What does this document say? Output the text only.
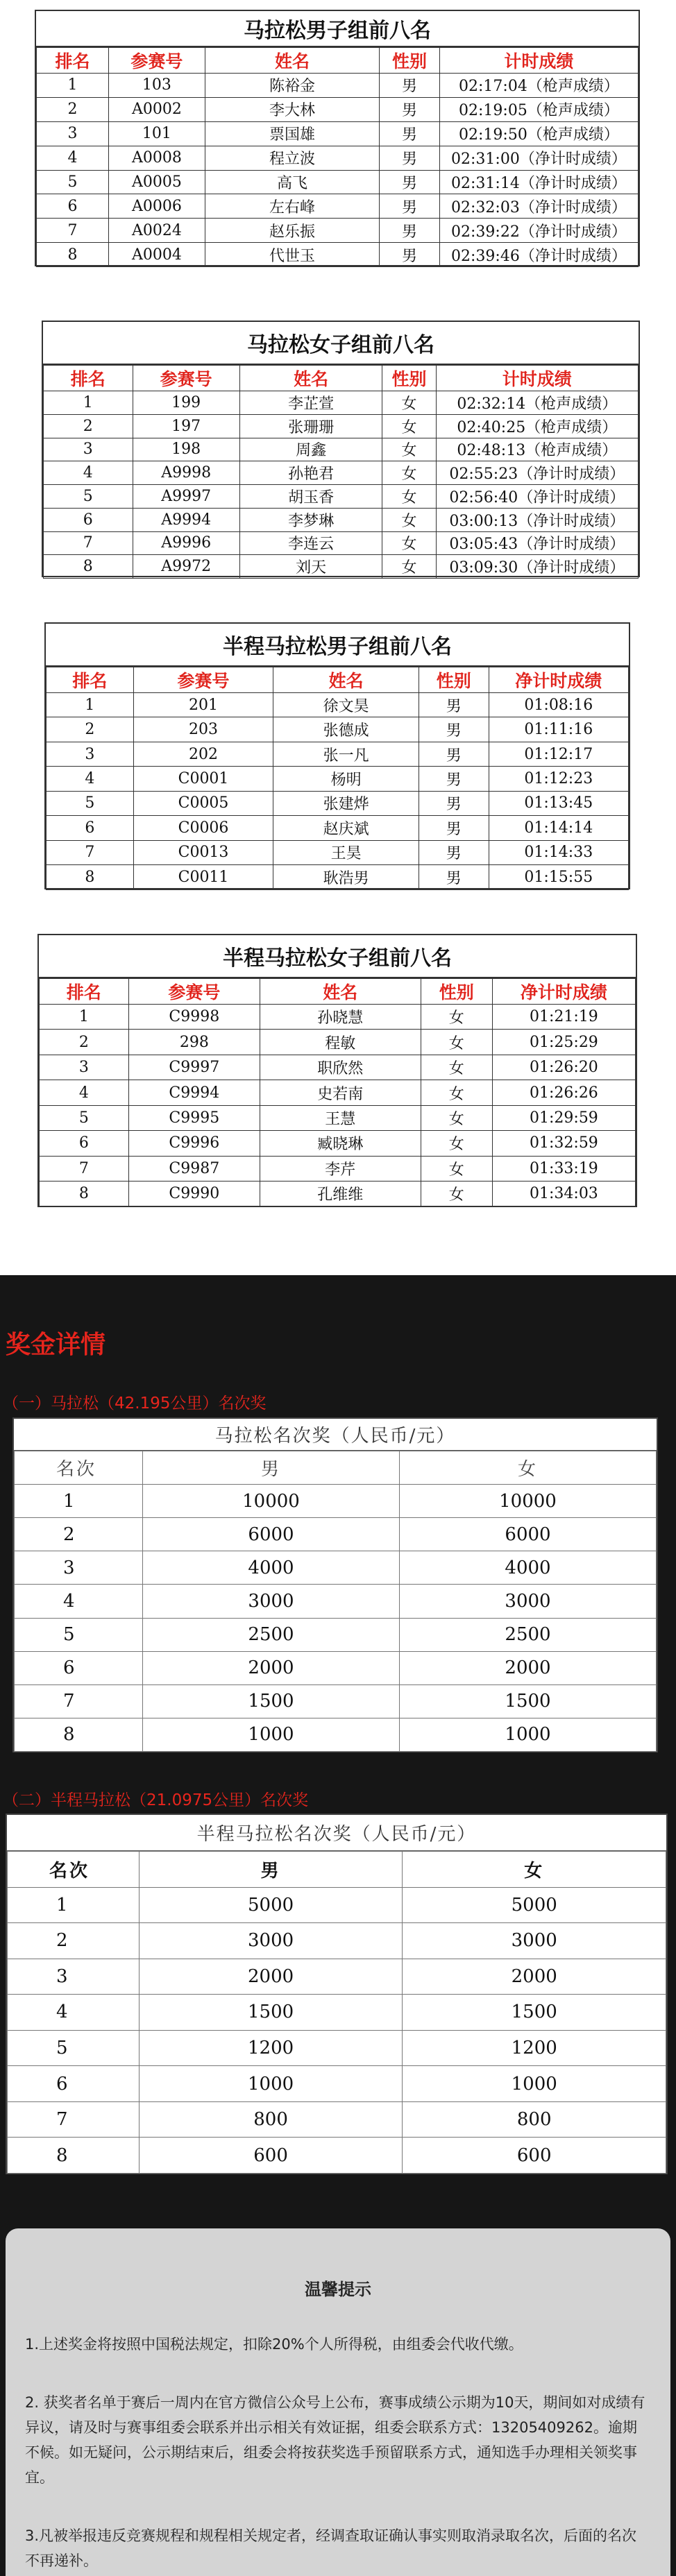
马拉松男子组前八名
排名	参赛号	姓名	性别	计时成绩
1	103	陈裕金	男	02:17:04（枪声成绩）
2	A0002	李大林	男	02:19:05（枪声成绩）
3	101	票国雄	男	02:19:50（枪声成绩）
4	A0008	程立波	男	02:31:00（净计时成绩）
5	A0005	高飞	男	02:31:14（净计时成绩）
6	A0006	左右峰	男	02:32:03（净计时成绩）
7	A0024	赵乐振	男	02:39:22（净计时成绩）
8	A0004	代世玉	男	02:39:46（净计时成绩）
马拉松女子组前八名
排名	参赛号	姓名	性别	计时成绩
1	199	李芷萱	女	02:32:14（枪声成绩）
2	197	张珊珊	女	02:40:25（枪声成绩）
3	198	周鑫	女	02:48:13（枪声成绩）
4	A9998	孙艳君	女	02:55:23（净计时成绩）
5	A9997	胡玉香	女	02:56:40（净计时成绩）
6	A9994	李梦琳	女	03:00:13（净计时成绩）
7	A9996	李连云	女	03:05:43（净计时成绩）
8	A9972	刘天	女	03:09:30（净计时成绩）
半程马拉松男子组前八名
排名	参赛号	姓名	性别	净计时成绩
1	201	徐文昊	男	01:08:16
2	203	张德成	男	01:11:16
3	202	张一凡	男	01:12:17
4	C0001	杨明	男	01:12:23
5	C0005	张建烨	男	01:13:45
6	C0006	赵庆斌	男	01:14:14
7	C0013	王昊	男	01:14:33
8	C0011	耿浩男	男	01:15:55
半程马拉松女子组前八名
排名	参赛号	姓名	性别	净计时成绩
1	C9998	孙晓慧	女	01:21:19
2	298	程敏	女	01:25:29
3	C9997	职欣然	女	01:26:20
4	C9994	史若南	女	01:26:26
5	C9995	王慧	女	01:29:59
6	C9996	臧晓琳	女	01:32:59
7	C9987	李芹	女	01:33:19
8	C9990	孔维维	女	01:34:03
奖金详情
（一）马拉松（42.195公里）名次奖
马拉松名次奖（人民币/元）
名次	男	女
1	10000	10000
2	6000	6000
3	4000	4000
4	3000	3000
5	2500	2500
6	2000	2000
7	1500	1500
8	1000	1000
（二）半程马拉松（21.0975公里）名次奖
半程马拉松名次奖（人民币/元）
名次	男	女
1	5000	5000
2	3000	3000
3	2000	2000
4	1500	1500
5	1200	1200
6	1000	1000
7	800	800
8	600	600
温馨提示

1.上述奖金将按照中国税法规定，扣除20%个人所得税，由组委会代收代缴。

2. 获奖者名单于赛后一周内在官方微信公众号上公布，赛事成绩公示期为10天，期间如对成绩有异议，请及时与赛事组委会联系并出示相关有效证据，组委会联系方式：13205409262。逾期不候。如无疑问，公示期结束后，组委会将按获奖选手预留联系方式，通知选手办理相关领奖事宜。

3.凡被举报违反竞赛规程和规程相关规定者，经调查取证确认事实则取消录取名次，后面的名次不再递补。
